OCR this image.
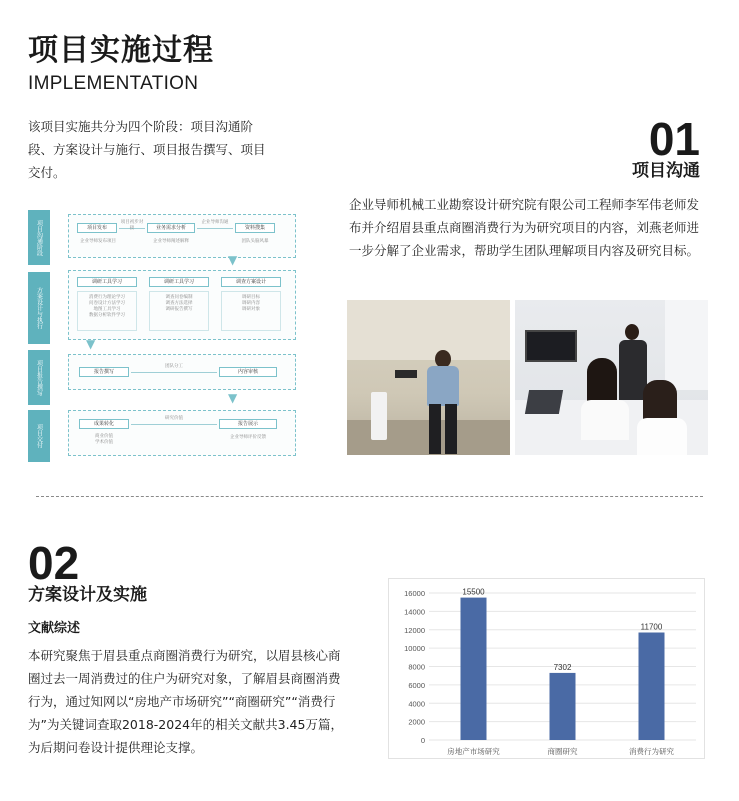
项目实施过程
IMPLEMENTATION
该项目实施共分为四个阶段：项目沟通阶段、方案设计与施行、项目报告撰写、项目交付。
项目沟通阶段
方案设计与执行
项目报告撰写
项目交付
项目发布
项目初步对接	业务需求分析
企业导师沟通
资料搜集
企业导师发布项目	企业导师阐述解释	团队头脑风暴
▼
调研工具学习	调研工具学习	调查方案设计
消费行为理论学习
问卷设计方法学习
地图工具学习
数据分析软件学习
调查问卷编制
调查方法选择
调研报告撰写
调研目标
调研内容
调研对象
▼
报告撰写
团队分工
内容审核
▼
成果转化
研究价值
报告展示
商业价值
学术价值
企业导师评价反馈
01
项目沟通
企业导师机械工业勘察设计研究院有限公司工程师李军伟老师发布并介绍眉县重点商圈消费行为为研究项目的内容，刘燕老师进一步分解了企业需求，帮助学生团队理解项目内容及研究目标。
02
方案设计及实施
文献综述
本研究聚焦于眉县重点商圈消费行为研究，以眉县核心商圈过去一周消费过的住户为研究对象，了解眉县商圈消费行为，通过知网以“房地产市场研究”“商圈研究”“消费行为”为关键词查取2018-2024年的相关文献共3.45万篇，为后期问卷设计提供理论支撑。	0
2000
4000
6000
8000
10000
12000
14000
16000	15500
房地产市场研究
7302
商圈研究
11700
消费行为研究
